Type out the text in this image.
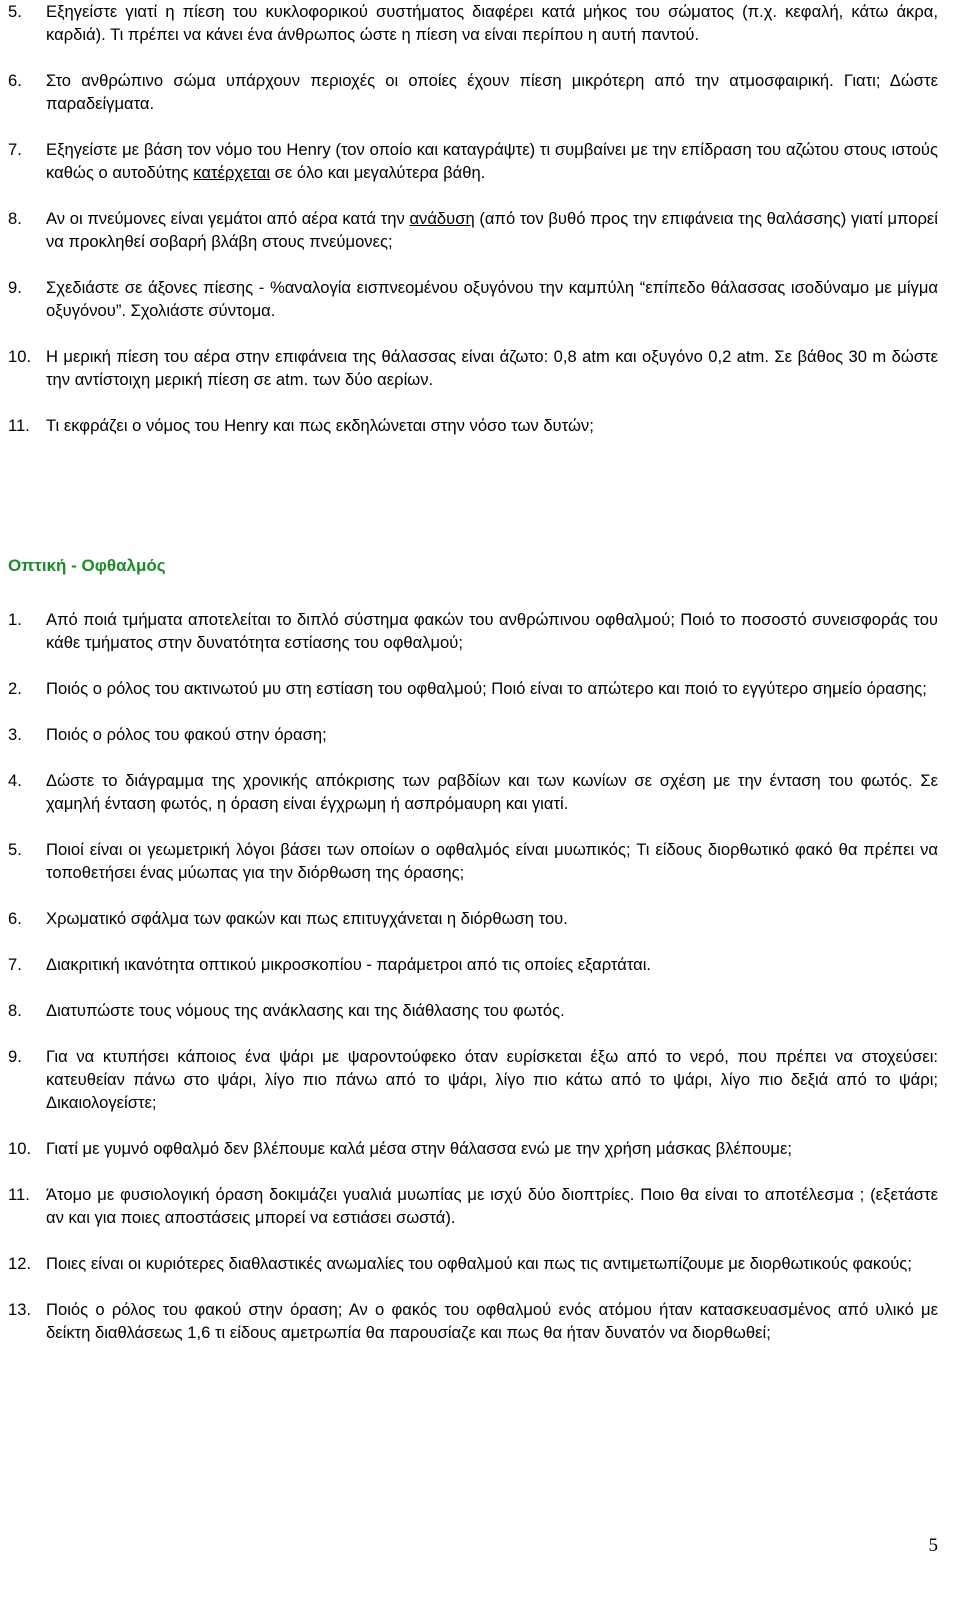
5. Εξηγείστε γιατί η πίεση του κυκλοφορικού συστήματος διαφέρει κατά μήκος του σώματος (π.χ. κεφαλή, κάτω άκρα, καρδιά). Τι πρέπει να κάνει ένα άνθρωπος ώστε η πίεση να είναι περίπου η αυτή παντού.
6. Στο ανθρώπινο σώμα υπάρχουν περιοχές οι οποίες έχουν πίεση μικρότερη από την ατμοσφαιρική. Γιατι; Δώστε παραδείγματα.
7. Εξηγείστε με βάση τον νόμο του Henry (τον οποίο και καταγράψτε) τι συμβαίνει με την επίδραση του αζώτου στους ιστούς καθώς ο αυτοδύτης κατέρχεται σε όλο και μεγαλύτερα βάθη.
8. Αν οι πνεύμονες είναι γεμάτοι από αέρα κατά την ανάδυση (από τον βυθό προς την επιφάνεια της θαλάσσης) γιατί μπορεί να προκληθεί σοβαρή βλάβη στους πνεύμονες;
9. Σχεδιάστε σε άξονες πίεσης - %αναλογία εισπνεομένου οξυγόνου την καμπύλη “επίπεδο θάλασσας ισοδύναμο με μίγμα οξυγόνου”. Σχολιάστε σύντομα.
10. Η μερική πίεση του αέρα στην επιφάνεια της θάλασσας είναι άζωτο: 0,8 atm και οξυγόνο 0,2 atm. Σε βάθος 30 m δώστε την αντίστοιχη μερική πίεση σε atm. των δύο αερίων.
11. Τι εκφράζει ο νόμος του Henry και πως εκδηλώνεται στην νόσο των δυτών;
Οπτική - Οφθαλμός
1. Από ποιά τμήματα αποτελείται το διπλό σύστημα φακών του ανθρώπινου οφθαλμού; Ποιό το ποσοστό συνεισφοράς του κάθε τμήματος στην δυνατότητα εστίασης του οφθαλμού;
2. Ποιός ο ρόλος του ακτινωτού μυ στη εστίαση του οφθαλμού; Ποιό είναι το απώτερο και ποιό το εγγύτερο σημείο όρασης;
3. Ποιός ο ρόλος του φακού στην όραση;
4. Δώστε το διάγραμμα της χρονικής απόκρισης των ραβδίων και των κωνίων σε σχέση με την ένταση του φωτός. Σε χαμηλή ένταση φωτός, η όραση είναι έγχρωμη ή ασπρόμαυρη και γιατί.
5. Ποιοί είναι οι γεωμετρική λόγοι βάσει των οποίων ο οφθαλμός είναι μυωπικός; Τι είδους διορθωτικό φακό θα πρέπει να τοποθετήσει ένας μύωπας για την διόρθωση της όρασης;
6. Χρωματικό σφάλμα των φακών και πως επιτυγχάνεται η διόρθωση του.
7. Διακριτική ικανότητα οπτικού μικροσκοπίου - παράμετροι από τις οποίες εξαρτάται.
8. Διατυπώστε τους νόμους της ανάκλασης και της διάθλασης του φωτός.
9. Για να κτυπήσει κάποιος ένα ψάρι με ψαροντούφεκο όταν ευρίσκεται έξω από το νερό, που πρέπει να στοχεύσει: κατευθείαν πάνω στο ψάρι, λίγο πιο πάνω από το ψάρι, λίγο πιο κάτω από το ψάρι, λίγο πιο δεξιά από το ψάρι; Δικαιολογείστε;
10. Γιατί με γυμνό οφθαλμό δεν βλέπουμε καλά μέσα στην θάλασσα ενώ με την χρήση μάσκας βλέπουμε;
11. Άτομο με φυσιολογική όραση δοκιμάζει γυαλιά μυωπίας με ισχύ δύο διοπτρίες. Ποιο θα είναι το αποτέλεσμα ; (εξετάστε αν και για ποιες αποστάσεις μπορεί να εστιάσει σωστά).
12. Ποιες είναι οι κυριότερες διαθλαστικές ανωμαλίες του οφθαλμού και πως τις αντιμετωπίζουμε με διορθωτικούς φακούς;
13. Ποιός ο ρόλος του φακού στην όραση; Αν ο φακός του οφθαλμού ενός ατόμου ήταν κατασκευασμένος από υλικό με δείκτη διαθλάσεως 1,6 τι είδους αμετρωπία θα παρουσίαζε και πως θα ήταν δυνατόν να διορθωθεί;
5
